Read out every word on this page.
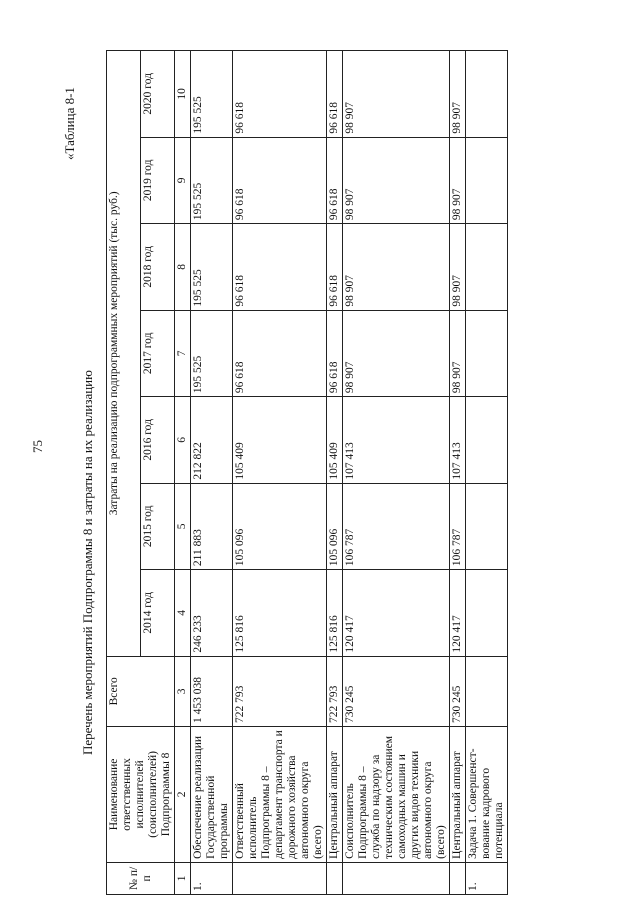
75
«Таблица 8-1
Перечень мероприятий Подпрограммы 8 и затраты на их реализацию
№ п/п	Наименование ответственных исполнителей (соисполнителей) Подпрограммы 8	Всего	Затраты на реализацию подпрограммных мероприятий (тыс. руб.)						
			2014 год	2015 год	2016 год	2017 год	2018 год	2019 год	2020 год
1	2	3	4	5	6	7	8	9	10
1.	Обеспечение реализации Государственной программы	1 453 038	246 233	211 883	212 822	195 525	195 525	195 525	195 525
	Ответственный исполнитель Подпрограммы 8 – департамент транспорта и дорожного хозяйства автономного округа (всего)	722 793	125 816	105 096	105 409	96 618	96 618	96 618	96 618
	Центральный аппарат	722 793	125 816	105 096	105 409	96 618	96 618	96 618	96 618
	Соисполнитель Подпрограммы 8 – служба по надзору за техническим состоянием самоходных машин и других видов техники автономного округа (всего)	730 245	120 417	106 787	107 413	98 907	98 907	98 907	98 907
	Центральный аппарат	730 245	120 417	106 787	107 413	98 907	98 907	98 907	98 907
1.	Задача 1. Совершенст-вование кадрового потенциала								
